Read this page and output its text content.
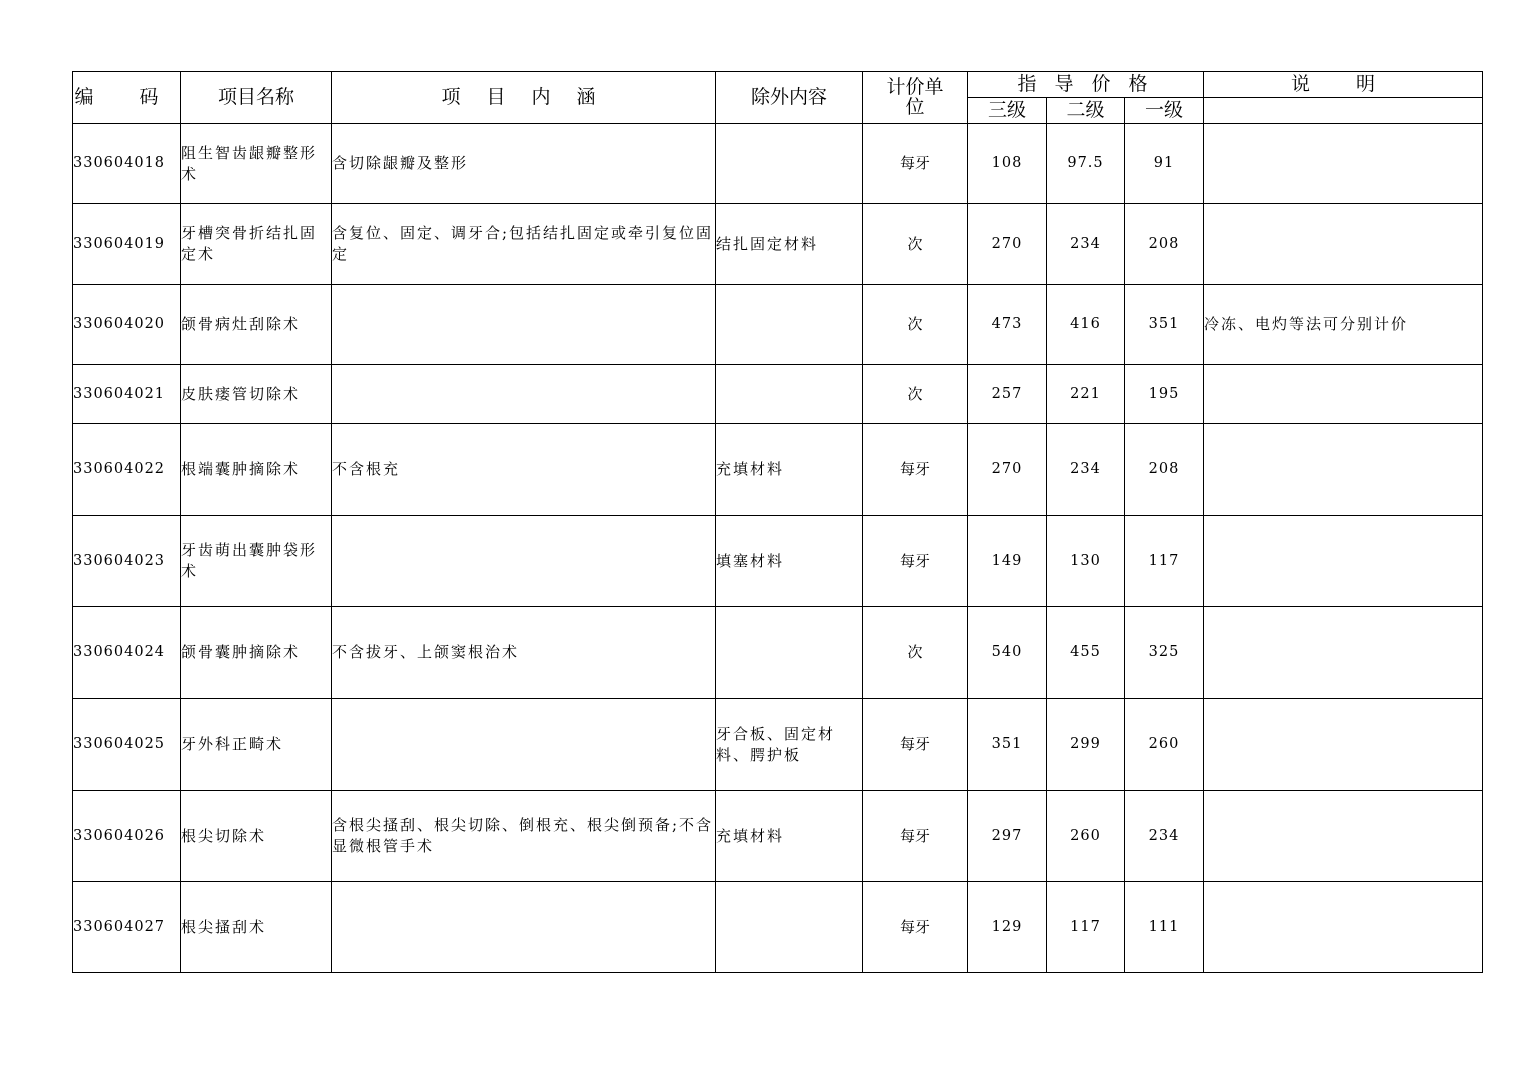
编 码	项目名称	项 目 内 涵	除外内容	计价单位	指 导 价 格			说 明
					三级	二级	一级	
330604018	阻生智齿龈瓣整形术	含切除龈瓣及整形		每牙	108	97.5	91	
330604019	牙槽突骨折结扎固定术	含复位、固定、调牙合;包括结扎固定或牵引复位固定	结扎固定材料	次	270	234	208	
330604020	颌骨病灶刮除术			次	473	416	351	冷冻、电灼等法可分别计价
330604021	皮肤瘘管切除术			次	257	221	195	
330604022	根端囊肿摘除术	不含根充	充填材料	每牙	270	234	208	
330604023	牙齿萌出囊肿袋形术		填塞材料	每牙	149	130	117	
330604024	颌骨囊肿摘除术	不含拔牙、上颌窦根治术		次	540	455	325	
330604025	牙外科正畸术		牙合板、固定材料、腭护板	每牙	351	299	260	
330604026	根尖切除术	含根尖搔刮、根尖切除、倒根充、根尖倒预备;不含显微根管手术	充填材料	每牙	297	260	234	
330604027	根尖搔刮术			每牙	129	117	111	
